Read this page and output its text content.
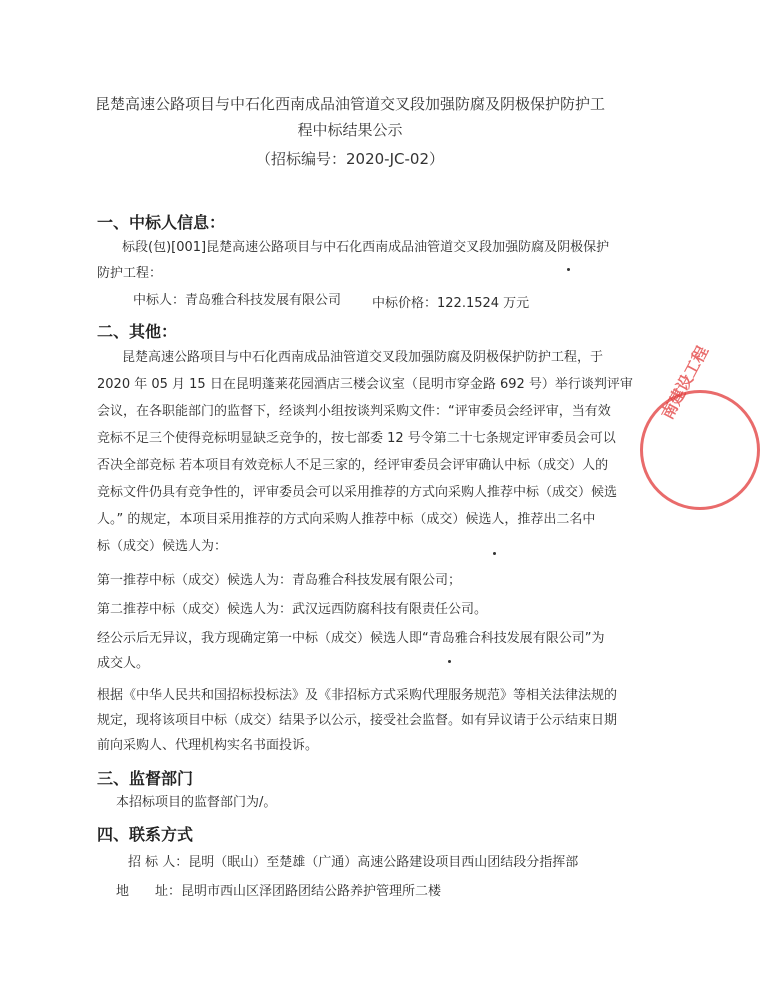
昆楚高速公路项目与中石化西南成品油管道交叉段加强防腐及阴极保护防护工
程中标结果公示
（招标编号：2020-JC-02）
一、中标人信息：
标段(包)[001]昆楚高速公路项目与中石化西南成品油管道交叉段加强防腐及阴极保护
防护工程：
中标人：青岛雅合科技发展有限公司 中标价格：122.1524 万元
二、其他：
昆楚高速公路项目与中石化西南成品油管道交叉段加强防腐及阴极保护防护工程，于
2020 年 05 月 15 日在昆明蓬莱花园酒店三楼会议室（昆明市穿金路 692 号）举行谈判评审
会议，在各职能部门的监督下，经谈判小组按谈判采购文件：“评审委员会经评审，当有效
竞标不足三个使得竞标明显缺乏竞争的，按七部委 12 号令第二十七条规定评审委员会可以
否决全部竞标 若本项目有效竞标人不足三家的，经评审委员会评审确认中标（成交）人的
竞标文件仍具有竞争性的，评审委员会可以采用推荐的方式向采购人推荐中标（成交）候选
人。” 的规定，本项目采用推荐的方式向采购人推荐中标（成交）候选人，推荐出二名中
标（成交）候选人为：
第一推荐中标（成交）候选人为：青岛雅合科技发展有限公司；
第二推荐中标（成交）候选人为：武汉远西防腐科技有限责任公司。
经公示后无异议，我方现确定第一中标（成交）候选人即“青岛雅合科技发展有限公司”为
成交人。
根据《中华人民共和国招标投标法》及《非招标方式采购代理服务规范》等相关法律法规的
规定，现将该项目中标（成交）结果予以公示，接受社会监督。如有异议请于公示结束日期
前向采购人、代理机构实名书面投诉。
三、监督部门
本招标项目的监督部门为/。
四、联系方式
招 标 人：昆明（眠山）至楚雄（广通）高速公路建设项目西山团结段分指挥部
地　　址：昆明市西山区泽团路团结公路养护管理所二楼
南建设工程
